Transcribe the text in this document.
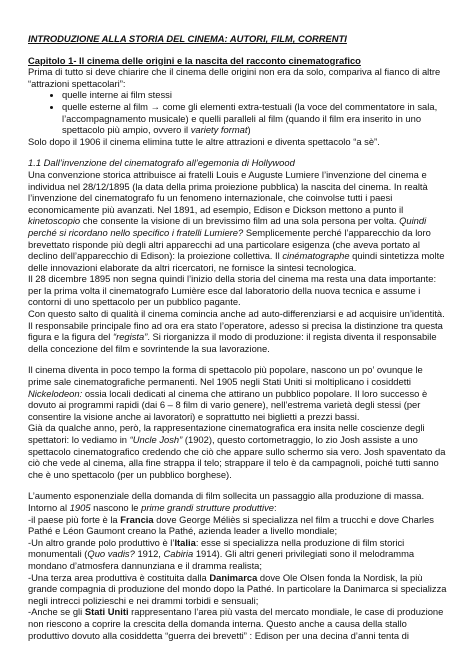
INTRODUZIONE ALLA STORIA DEL CINEMA: AUTORI, FILM, CORRENTI

Capitolo 1- Il cinema delle origini e la nascita del racconto cinematografico

Prima di tutto si deve chiarire che il cinema delle origini non era da solo, compariva al fianco di altre “attrazioni spettacolari”:

• quelle interne ai film stessi
• quelle esterne al film → come gli elementi extra-testuali (la voce del commentatore in sala, l’accompagnamento musicale) e quelli paralleli al film (quando il film era inserito in uno spettacolo più ampio, ovvero il variety format)

Solo dopo il 1906 il cinema elimina tutte le altre attrazioni e diventa spettacolo “a sè”.

1.1 Dall’invenzione del cinematografo all’egemonia di Hollywood

Una convenzione storica attribuisce ai fratelli Louis e Auguste Lumiere l’invenzione del cinema e individua nel 28/12/1895 (la data della prima proiezione pubblica) la nascita del cinema. In realtà l’invenzione del cinematografo fu un fenomeno internazionale, che coinvolse tutti i paesi economicamente più avanzati. Nel 1891, ad esempio, Edison e Dickson mettono a punto il kinetoscopio che consente la visione di un brevissimo film ad una sola persona per volta. Quindi perché si ricordano nello specifico i fratelli Lumiere? Semplicemente perché l’apparecchio da loro brevettato risponde più degli altri apparecchi ad una particolare esigenza (che aveva portato al declino dell’apparecchio di Edison): la proiezione collettiva. Il cinématographe quindi sintetizza molte delle innovazioni elaborate da altri ricercatori, ne fornisce la sintesi tecnologica.

Il 28 dicembre 1895 non segna quindi l’inizio della storia del cinema ma resta una data importante: per la prima volta il cinematografo Lumière esce dal laboratorio della nuova tecnica e assume i contorni di uno spettacolo per un pubblico pagante.

Con questo salto di qualità il cinema comincia anche ad auto-differenziarsi e ad acquisire un’identità. Il responsabile principale fino ad ora era stato l’operatore, adesso si precisa la distinzione tra questa figura e la figura del “regista”. Si riorganizza il modo di produzione: il regista diventa il responsabile della concezione del film e sovrintende la sua lavorazione.

Il cinema diventa in poco tempo la forma di spettacolo più popolare, nascono un po’ ovunque le prime sale cinematografiche permanenti. Nel 1905 negli Stati Uniti si moltiplicano i cosiddetti Nickelodeon: ossia locali dedicati al cinema che attirano un pubblico popolare. Il loro successo è dovuto ai programmi rapidi (dai 6 – 8 film di vario genere), nell’estrema varietà degli stessi (per consentire la visione anche ai lavoratori) e soprattutto nei biglietti a prezzi bassi.

Già da qualche anno, però, la rappresentazione cinematografica era insita nelle coscienze degli spettatori: lo vediamo in “Uncle Josh” (1902), questo cortometraggio, lo zio Josh assiste a uno spettacolo cinematografico credendo che ciò che appare sullo schermo sia vero. Josh spaventato da ciò che vede al cinema, alla fine strappa il telo; strappare il telo è da campagnoli, poiché tutti sanno che è uno spettacolo (per un pubblico borghese).

L’aumento esponenziale della domanda di film sollecita un passaggio alla produzione di massa. Intorno al 1905 nascono le prime grandi strutture produttive:

-il paese più forte è la Francia dove George Méliès si specializza nel film a trucchi e dove Charles Pathé e Léon Gaumont creano la Pathé, azienda leader a livello mondiale;

-Un altro grande polo produttivo è l’Italia: esse si specializza nella produzione di film storici monumentali (Quo vadis? 1912, Cabiria 1914). Gli altri generi privilegiati sono il melodramma mondano d’atmosfera dannunziana e il dramma realista;

-Una terza area produttiva è costituita dalla Danimarca dove Ole Olsen fonda la Nordisk, la più grande compagnia di produzione del mondo dopo la Pathé. In particolare la Danimarca si specializza negli intrecci polizieschi e nei drammi torbidi e sensuali;

-Anche se gli Stati Uniti rappresentano l’area più vasta del mercato mondiale, le case di produzione non riescono a coprire la crescita della domanda interna. Questo anche a causa della stallo produttivo dovuto alla cosiddetta “guerra dei brevetti” : Edison per una decina d’anni tenta di
